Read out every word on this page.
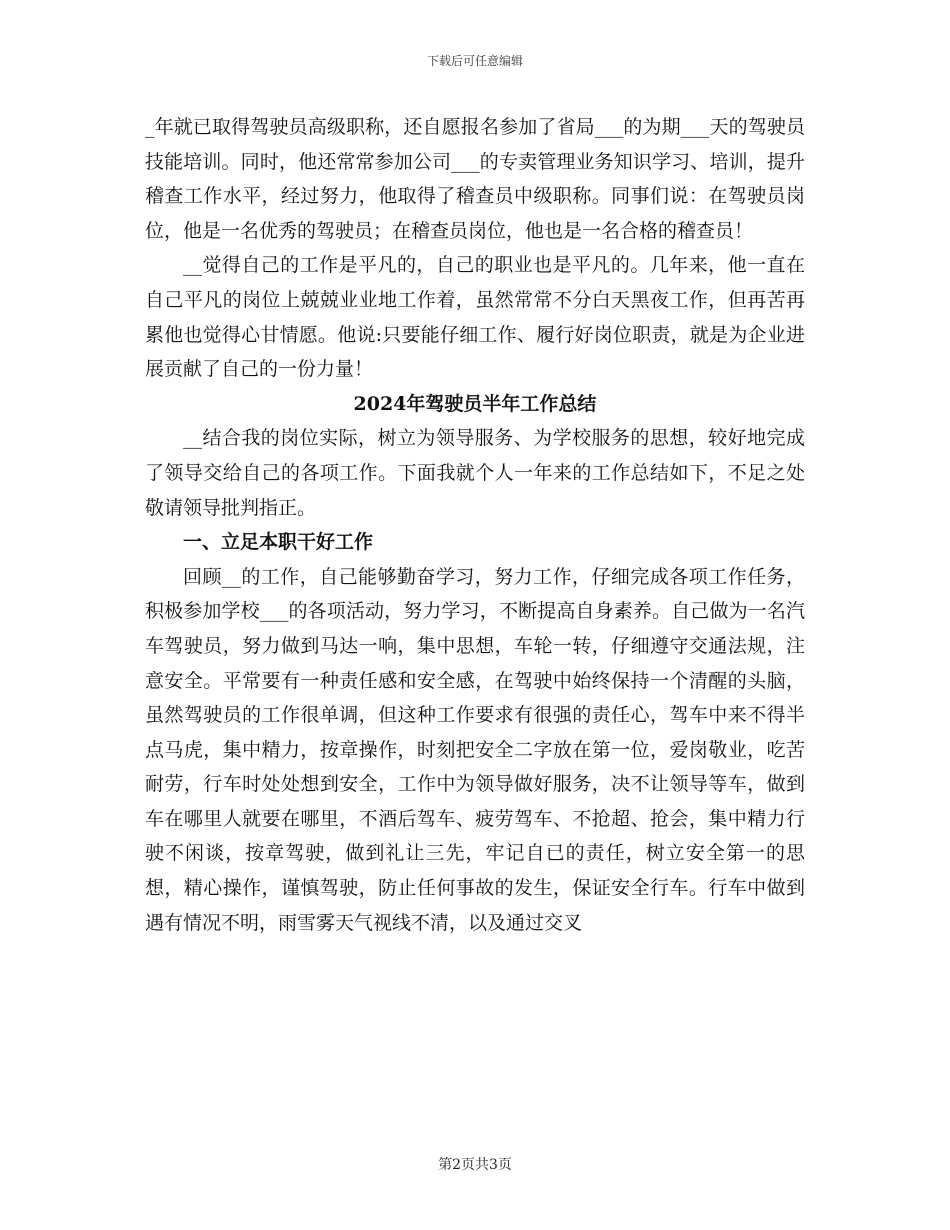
下载后可任意编辑

_年就已取得驾驶员高级职称，还自愿报名参加了省局___的为期___天的驾驶员技能培训。同时，他还常常参加公司___的专卖管理业务知识学习、培训，提升稽查工作水平，经过努力，他取得了稽查员中级职称。同事们说：在驾驶员岗位，他是一名优秀的驾驶员；在稽查员岗位，他也是一名合格的稽查员！

__觉得自己的工作是平凡的，自己的职业也是平凡的。几年来，他一直在自己平凡的岗位上兢兢业业地工作着，虽然常常不分白天黑夜工作，但再苦再累他也觉得心甘情愿。他说:只要能仔细工作、履行好岗位职责，就是为企业进展贡献了自己的一份力量！

2024年驾驶员半年工作总结

__结合我的岗位实际，树立为领导服务、为学校服务的思想，较好地完成了领导交给自己的各项工作。下面我就个人一年来的工作总结如下，不足之处敬请领导批判指正。

一、立足本职干好工作

回顾__的工作，自己能够勤奋学习，努力工作，仔细完成各项工作任务，积极参加学校___的各项活动，努力学习，不断提高自身素养。自己做为一名汽车驾驶员，努力做到马达一响，集中思想，车轮一转，仔细遵守交通法规，注意安全。平常要有一种责任感和安全感，在驾驶中始终保持一个清醒的头脑，虽然驾驶员的工作很单调，但这种工作要求有很强的责任心，驾车中来不得半点马虎，集中精力，按章操作，时刻把安全二字放在第一位，爱岗敬业，吃苦耐劳，行车时处处想到安全，工作中为领导做好服务，决不让领导等车，做到车在哪里人就要在哪里，不酒后驾车、疲劳驾车、不抢超、抢会，集中精力行驶不闲谈，按章驾驶，做到礼让三先，牢记自已的责任，树立安全第一的思想，精心操作，谨慎驾驶，防止任何事故的发生，保证安全行车。行车中做到遇有情况不明，雨雪雾天气视线不清，以及通过交叉

第2页共3页
